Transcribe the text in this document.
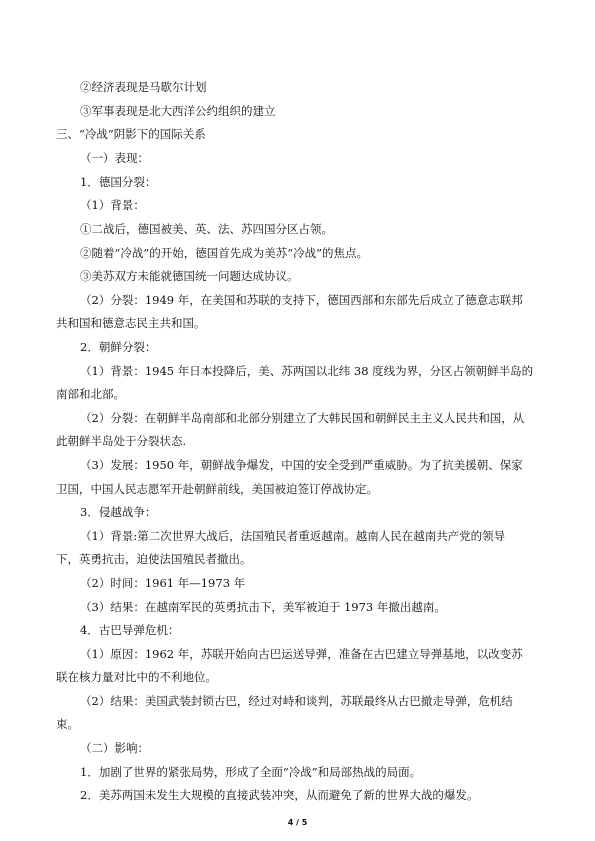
②经济表现是马歇尔计划
③军事表现是北大西洋公约组织的建立
三、“冷战”阴影下的国际关系
（一）表现：
1．德国分裂：
（1）背景：
①二战后，德国被美、英、法、苏四国分区占领。
②随着“冷战”的开始，德国首先成为美苏“冷战”的焦点。
③美苏双方未能就德国统一问题达成协议。
（2）分裂：1949 年，在美国和苏联的支持下，德国西部和东部先后成立了德意志联邦
共和国和德意志民主共和国。
2．朝鲜分裂：
（1）背景：1945 年日本投降后，美、苏两国以北纬 38 度线为界，分区占领朝鲜半岛的
南部和北部。
（2）分裂：在朝鲜半岛南部和北部分别建立了大韩民国和朝鲜民主主义人民共和国，从
此朝鲜半岛处于分裂状态.
（3）发展：1950 年，朝鲜战争爆发，中国的安全受到严重威胁。为了抗美援朝、保家
卫国，中国人民志愿军开赴朝鲜前线，美国被迫签订停战协定。
3．侵越战争：
（1）背景:第二次世界大战后，法国殖民者重返越南。越南人民在越南共产党的领导
下，英勇抗击，迫使法国殖民者撤出。
（2）时间：1961 年—1973 年
（3）结果：在越南军民的英勇抗击下，美军被迫于 1973 年撤出越南。
4．古巴导弹危机：
（1）原因：1962 年，苏联开始向古巴运送导弹，准备在古巴建立导弹基地，以改变苏
联在核力量对比中的不利地位。
（2）结果：美国武装封锁古巴，经过对峙和谈判，苏联最终从古巴撤走导弹，危机结
束。
（二）影响：
1．加剧了世界的紧张局势，形成了全面“冷战”和局部热战的局面。
2．美苏两国未发生大规模的直接武装冲突，从而避免了新的世界大战的爆发。
4 / 5
